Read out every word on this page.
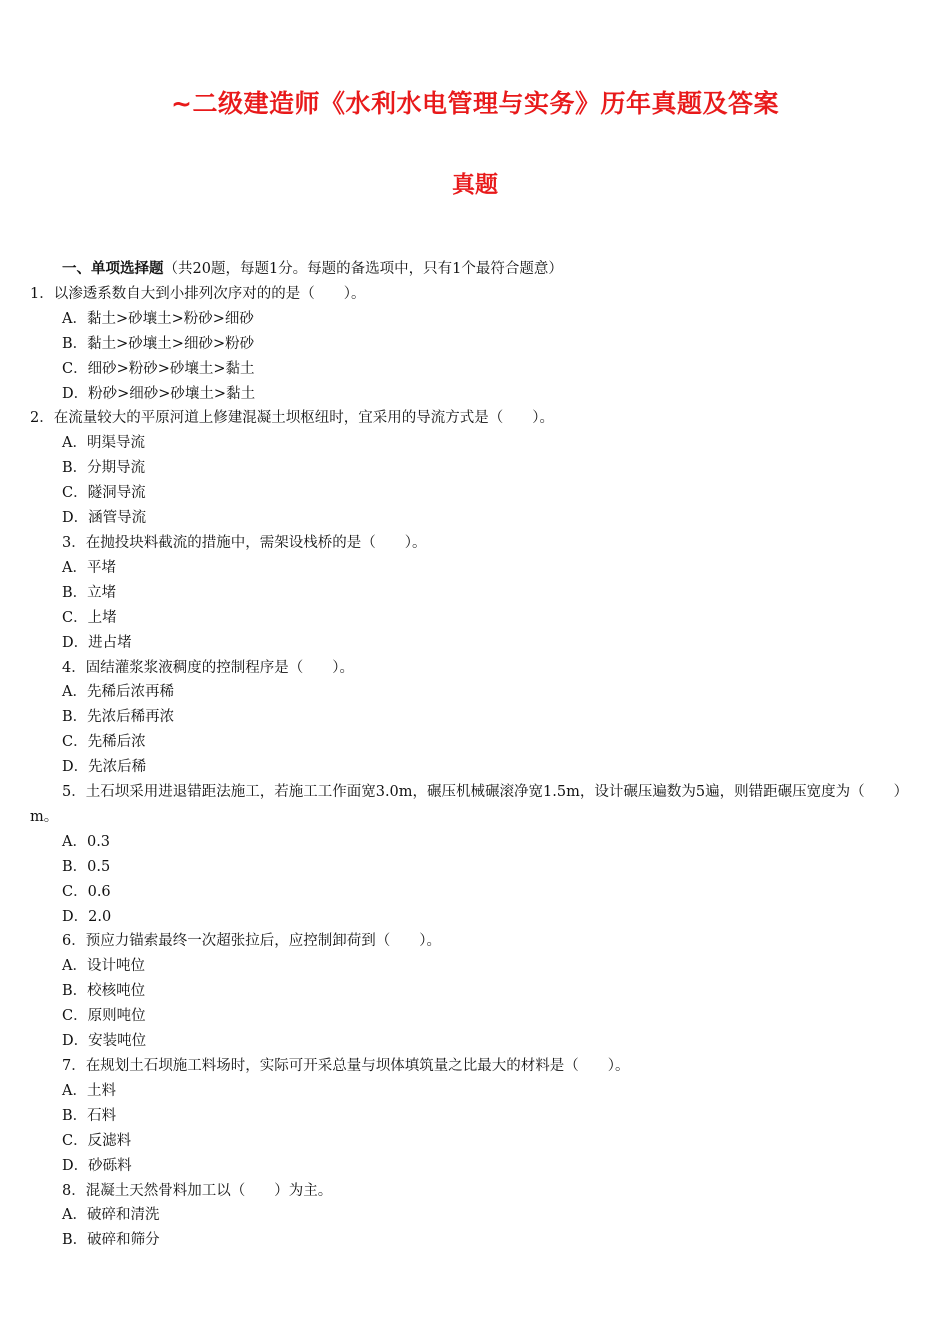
~二级建造师《水利水电管理与实务》历年真题及答案
真题
一、单项选择题（共20题，每题1分。每题的备选项中，只有1个最符合题意）
1．以渗透系数自大到小排列次序对的的是（　　）。
A．黏土>砂壤土>粉砂>细砂
B．黏土>砂壤土>细砂>粉砂
C．细砂>粉砂>砂壤土>黏土
D．粉砂>细砂>砂壤土>黏土
2．在流量较大的平原河道上修建混凝土坝枢纽时，宜采用的导流方式是（　　）。
A．明渠导流
B．分期导流
C．隧洞导流
D．涵管导流
3．在抛投块料截流的措施中，需架设栈桥的是（　　）。
A．平堵
B．立堵
C．上堵
D．进占堵
4．固结灌浆浆液稠度的控制程序是（　　）。
A．先稀后浓再稀
B．先浓后稀再浓
C．先稀后浓
D．先浓后稀
5．土石坝采用进退错距法施工，若施工工作面宽3.0m，碾压机械碾滚净宽1.5m，设计碾压遍数为5遍，则错距碾压宽度为（　　）m。
A．0.3
B．0.5
C．0.6
D．2.0
6．预应力锚索最终一次超张拉后，应控制卸荷到（　　）。
A．设计吨位
B．校核吨位
C．原则吨位
D．安装吨位
7．在规划土石坝施工料场时，实际可开采总量与坝体填筑量之比最大的材料是（　　）。
A．土料
B．石料
C．反滤料
D．砂砾料
8．混凝土天然骨料加工以（　　）为主。
A．破碎和清洗
B．破碎和筛分
